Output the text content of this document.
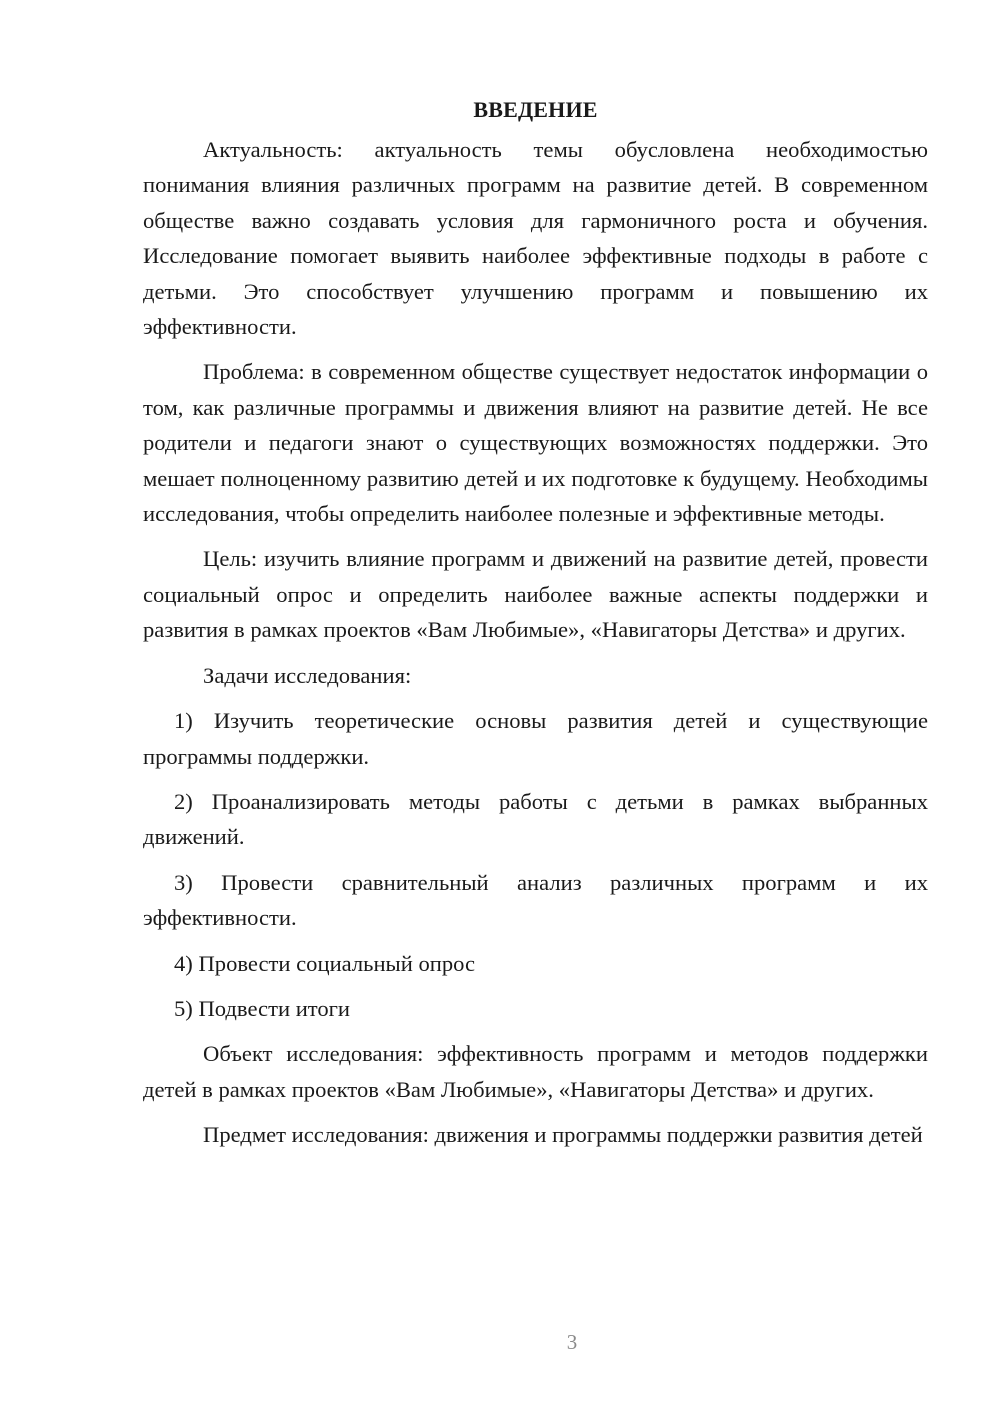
ВВЕДЕНИЕ

Актуальность: актуальность темы обусловлена необходимостью понимания влияния различных программ на развитие детей. В современном обществе важно создавать условия для гармоничного роста и обучения. Исследование помогает выявить наиболее эффективные подходы в работе с детьми. Это способствует улучшению программ и повышению их эффективности.

Проблема: в современном обществе существует недостаток информации о том, как различные программы и движения влияют на развитие детей. Не все родители и педагоги знают о существующих возможностях поддержки. Это мешает полноценному развитию детей и их подготовке к будущему. Необходимы исследования, чтобы определить наиболее полезные и эффективные методы.

Цель: изучить влияние программ и движений на развитие детей, провести социальный опрос и определить наиболее важные аспекты поддержки и развития в рамках проектов «Вам Любимые», «Навигаторы Детства» и других.

Задачи исследования:

1) Изучить теоретические основы развития детей и существующие программы поддержки.

2) Проанализировать методы работы с детьми в рамках выбранных движений.

3) Провести сравнительный анализ различных программ и их эффективности.

4) Провести социальный опрос

5) Подвести итоги

Объект исследования: эффективность программ и методов поддержки детей в рамках проектов «Вам Любимые», «Навигаторы Детства» и других.

Предмет исследования: движения и программы поддержки развития детей

3
